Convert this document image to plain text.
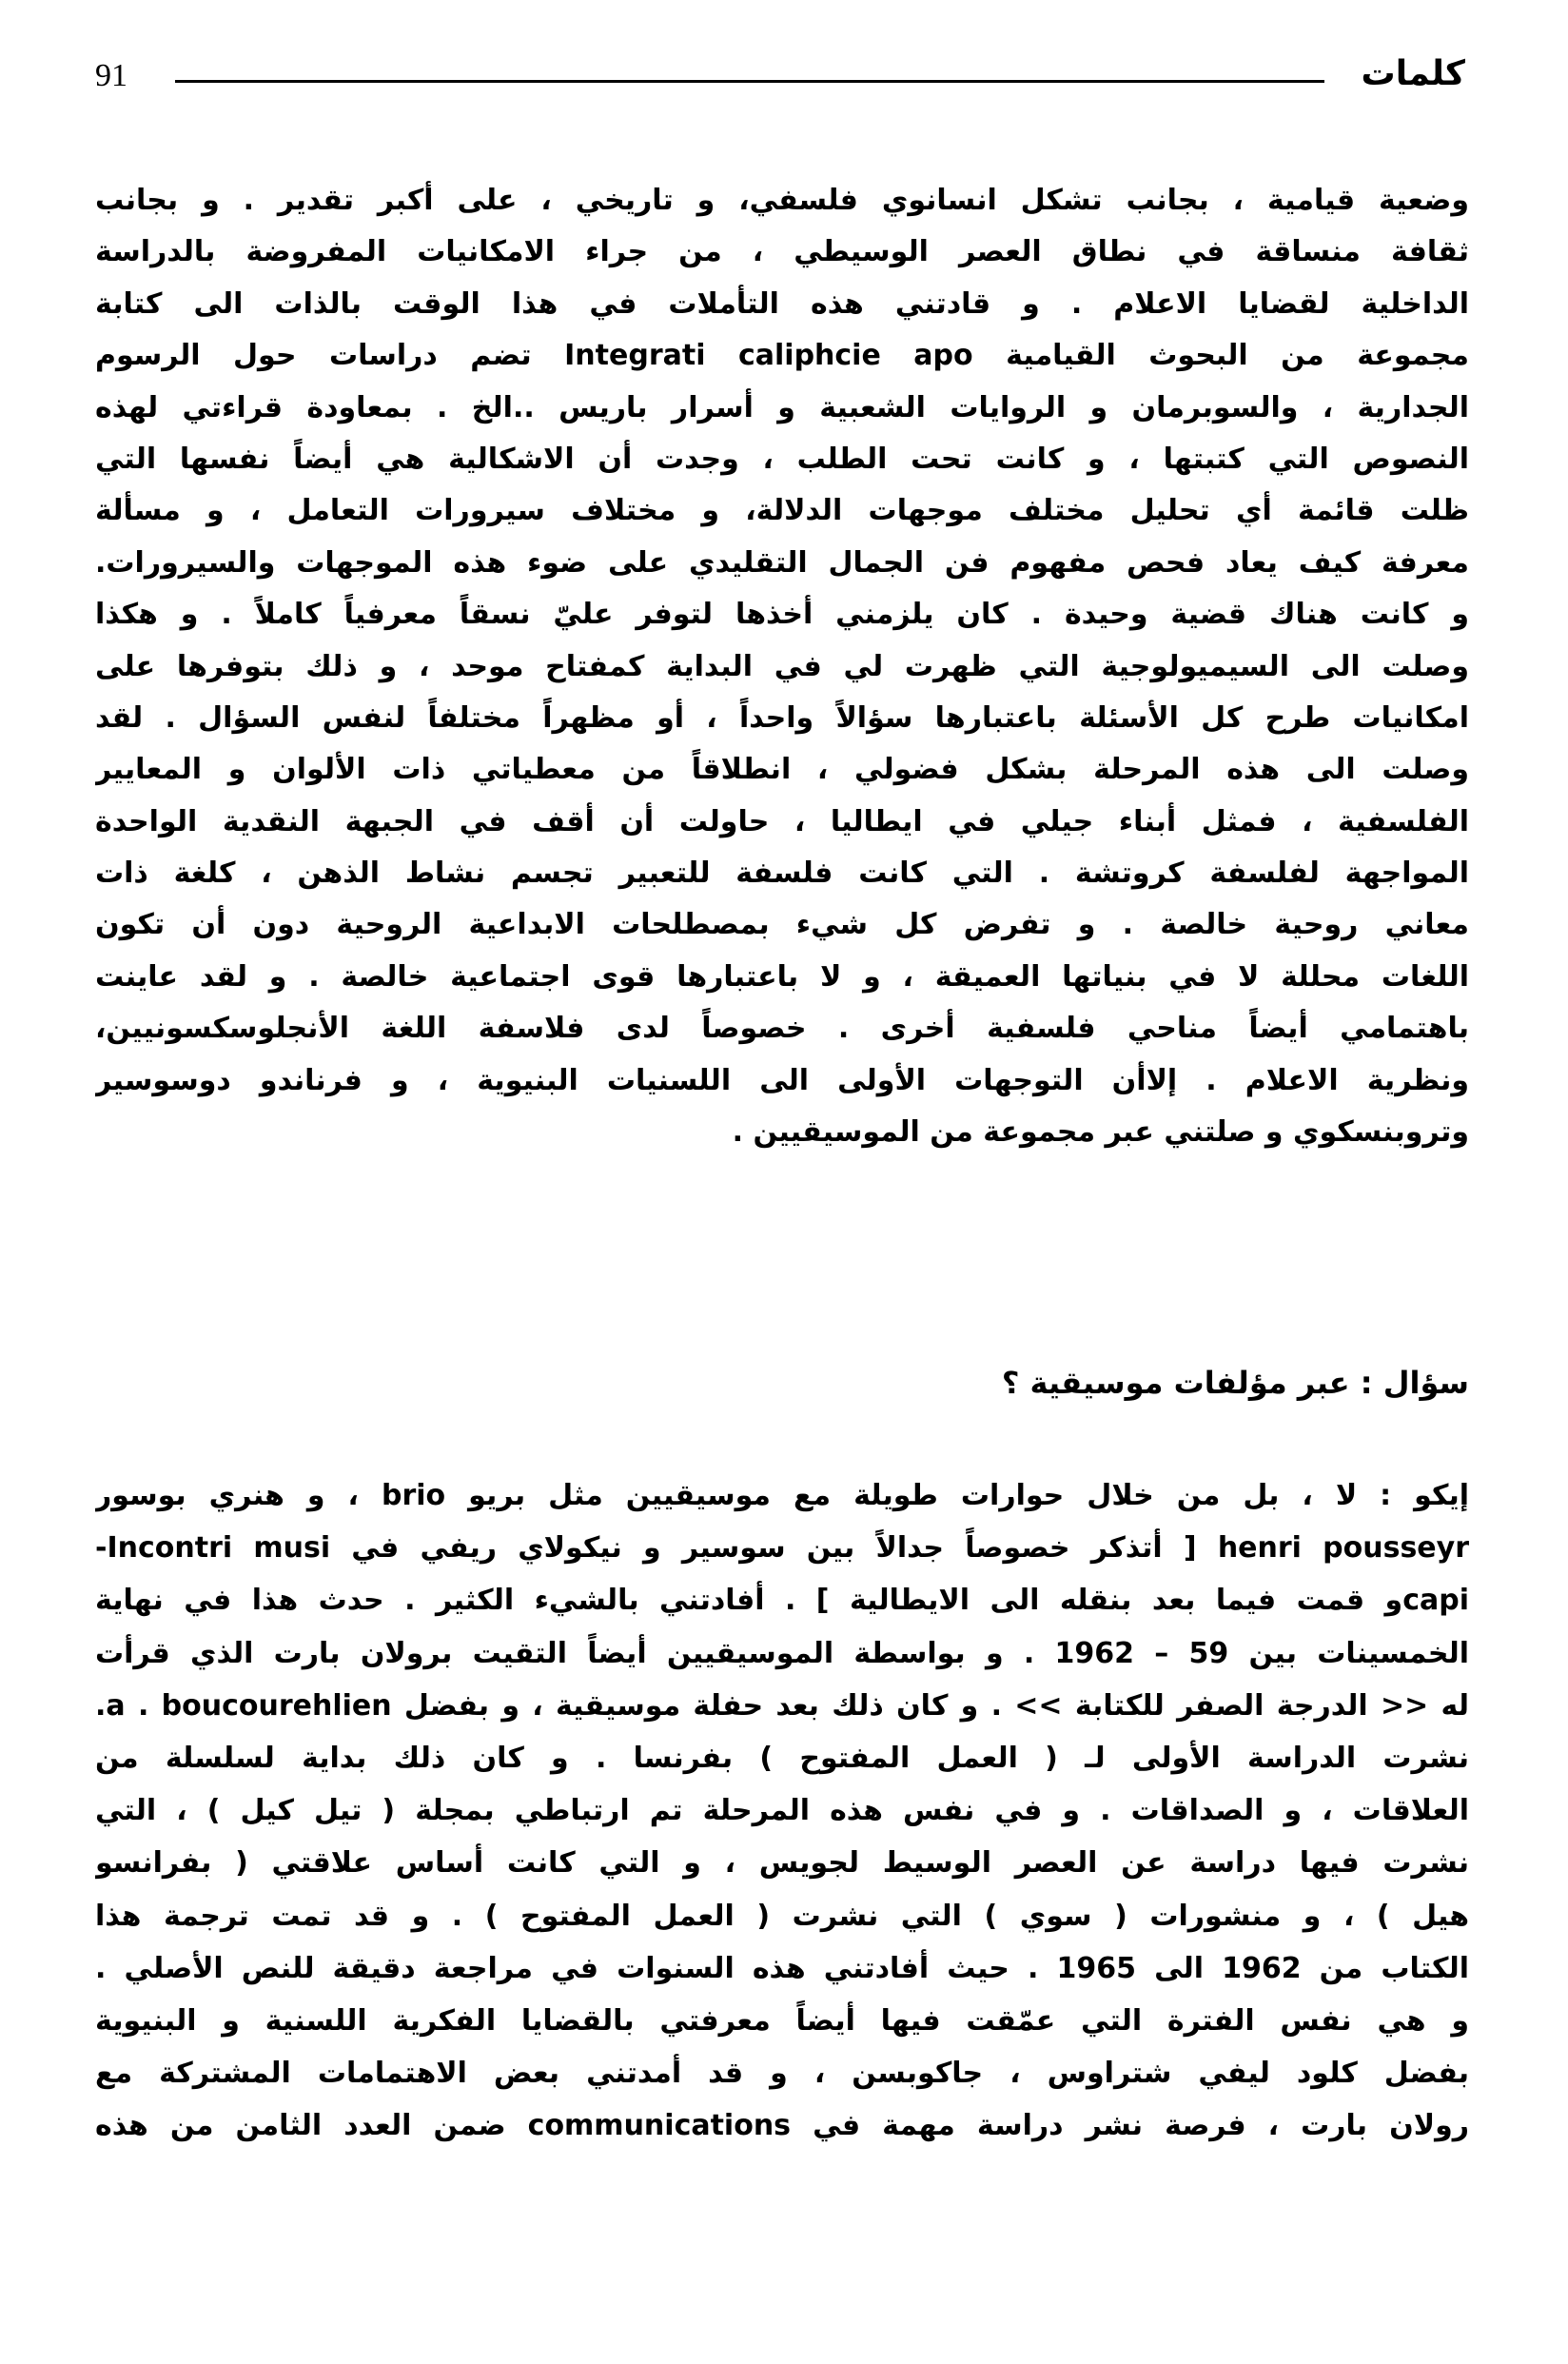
كلمات
91
وضعية قيامية ، بجانب تشكل انسانوي فلسفي، و تاريخي ، على أكبر تقدير . و بجانب
ثقافة منساقة في نطاق العصر الوسيطي ، من جراء الامكانيات المفروضة بالدراسة
الداخلية لقضايا الاعلام . و قادتني هذه التأملات في هذا الوقت بالذات الى كتابة
مجموعة من البحوث القيامية Integrati caliphcie apo تضم دراسات حول الرسوم
الجدارية ، والسوبرمان و الروايات الشعبية و أسرار باريس ..الخ . بمعاودة قراءتي لهذه
النصوص التي كتبتها ، و كانت تحت الطلب ، وجدت أن الاشكالية هي أيضاً نفسها التي
ظلت قائمة أي تحليل مختلف موجهات الدلالة، و مختلاف سيرورات التعامل ، و مسألة
معرفة كيف يعاد فحص مفهوم فن الجمال التقليدي على ضوء هذه الموجهات والسيرورات.
و كانت هناك قضية وحيدة . كان يلزمني أخذها لتوفر عليّ نسقاً معرفياً كاملاً . و هكذا
وصلت الى السيميولوجية التي ظهرت لي في البداية كمفتاح موحد ، و ذلك بتوفرها على
امكانيات طرح كل الأسئلة باعتبارها سؤالاً واحداً ، أو مظهراً مختلفاً لنفس السؤال . لقد
وصلت الى هذه المرحلة بشكل فضولي ، انطلاقاً من معطياتي ذات الألوان و المعايير
الفلسفية ، فمثل أبناء جيلي في ايطاليا ، حاولت أن أقف في الجبهة النقدية الواحدة
المواجهة لفلسفة كروتشة . التي كانت فلسفة للتعبير تجسم نشاط الذهن ، كلغة ذات
معاني روحية خالصة . و تفرض كل شيء بمصطلحات الابداعية الروحية دون أن تكون
اللغات محللة لا في بنياتها العميقة ، و لا باعتبارها قوى اجتماعية خالصة . و لقد عاينت
باهتمامي أيضاً مناحي فلسفية أخرى . خصوصاً لدى فلاسفة اللغة الأنجلوسكسونيين،
ونظرية الاعلام . إلاأن التوجهات الأولى الى اللسنيات البنيوية ، و فرناندو دوسوسير
وتروبنسكوي و صلتني عبر مجموعة من الموسيقيين .
سؤال : عبر مؤلفات موسيقية ؟
إيكو : لا ، بل من خلال حوارات طويلة مع موسيقيين مثل بريو brio ، و هنري بوسور
henri pousseyr [ أتذكر خصوصاً جدالاً بين سوسير و نيكولاي ريفي في Incontri musi-
capiو قمت فيما بعد بنقله الى الايطالية ] . أفادتني بالشيء الكثير . حدث هذا في نهاية
الخمسينات بين 59 – 1962 . و بواسطة الموسيقيين أيضاً التقيت برولان بارت الذي قرأت
له << الدرجة الصفر للكتابة >> . و كان ذلك بعد حفلة موسيقية ، و بفضل a . boucourehlien.
نشرت الدراسة الأولى لـ ( العمل المفتوح ) بفرنسا . و كان ذلك بداية لسلسلة من
العلاقات ، و الصداقات . و في نفس هذه المرحلة تم ارتباطي بمجلة ( تيل كيل ) ، التي
نشرت فيها دراسة عن العصر الوسيط لجويس ، و التي كانت أساس علاقتي ( بفرانسو
هيل ) ، و منشورات ( سوي ) التي نشرت ( العمل المفتوح ) . و قد تمت ترجمة هذا
الكتاب من 1962 الى 1965 . حيث أفادتني هذه السنوات في مراجعة دقيقة للنص الأصلي .
و هي نفس الفترة التي عمّقت فيها أيضاً معرفتي بالقضايا الفكرية اللسنية و البنيوية
بفضل كلود ليفي شتراوس ، جاكوبسن ، و قد أمدتني بعض الاهتمامات المشتركة مع
رولان بارت ، فرصة نشر دراسة مهمة في communications ضمن العدد الثامن من هذه
